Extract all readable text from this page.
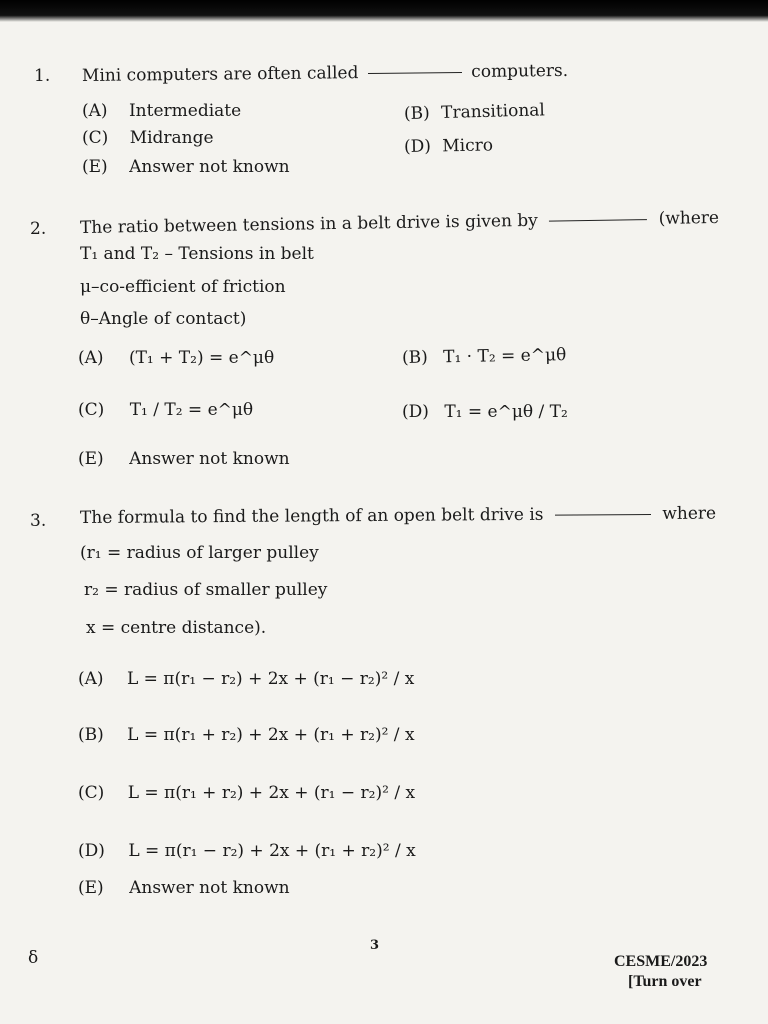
1. Mini computers are often called	computers.
(A) Intermediate	(B) Transitional
(C) Midrange	(D) Micro
(E) Answer not known
2. The ratio between tensions in a belt drive is given by	(where
T₁ and T₂ – Tensions in belt
μ–co-efficient of friction
θ–Angle of contact)
(A) (T₁ + T₂) = e^μθ	(B) T₁ · T₂ = e^μθ
(C) T₁ / T₂ = e^μθ	(D) T₁ = e^μθ / T₂
(E) Answer not known
3. The formula to find the length of an open belt drive is	where
(r₁ = radius of larger pulley
r₂ = radius of smaller pulley
x = centre distance).
(A) L = π(r₁ − r₂) + 2x + (r₁ − r₂)² / x
(B) L = π(r₁ + r₂) + 2x + (r₁ + r₂)² / x
(C) L = π(r₁ + r₂) + 2x + (r₁ − r₂)² / x
(D) L = π(r₁ − r₂) + 2x + (r₁ + r₂)² / x
(E) Answer not known
δ
3
CESME/2023
[Turn over
